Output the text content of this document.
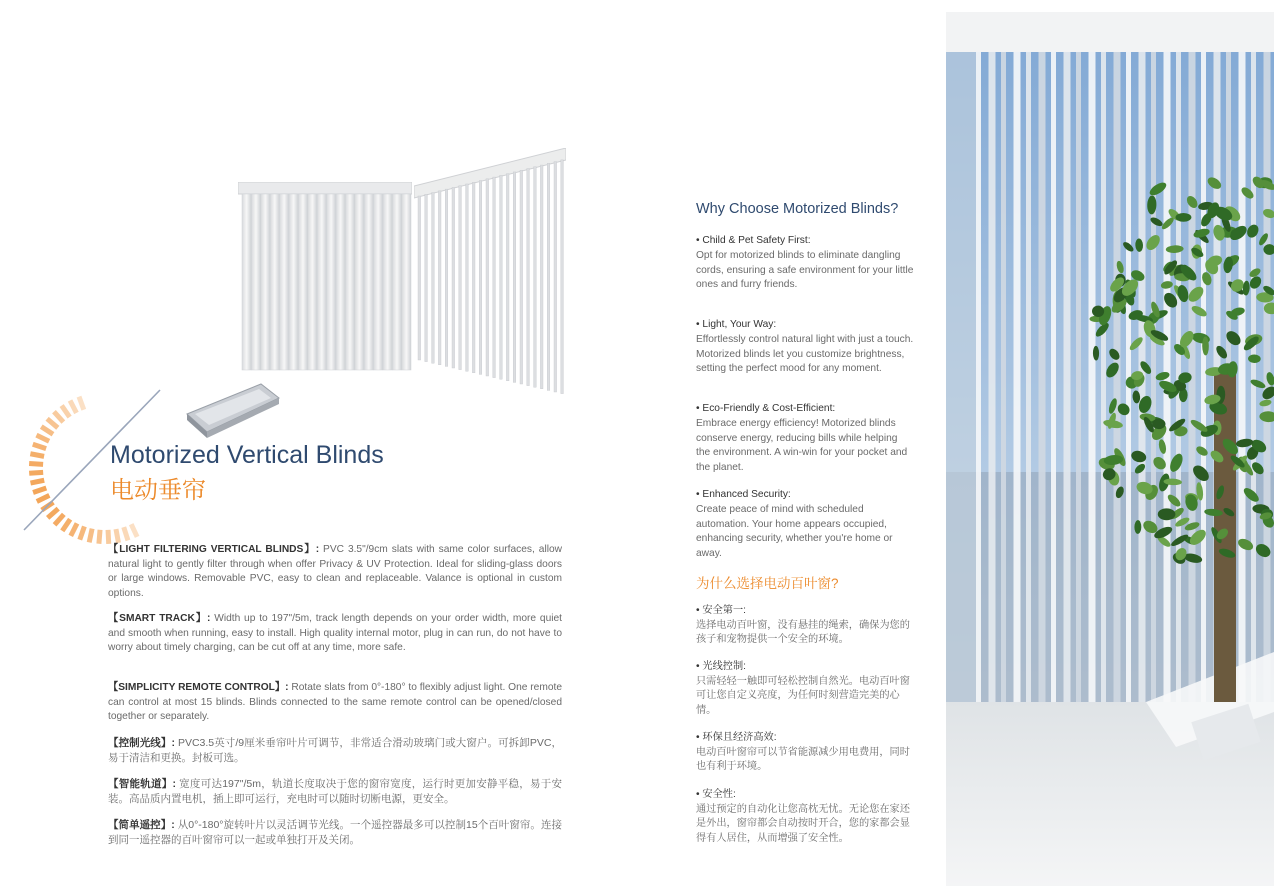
Motorized Vertical Blinds
电动垂帘

【LIGHT FILTERING VERTICAL BLINDS】: PVC 3.5"/9cm slats with same color surfaces, allow natural light to gently filter through when offer Privacy & UV Protection. Ideal for sliding-glass doors or large windows. Removable PVC, easy to clean and replaceable. Valance is optional in custom options.

【SMART TRACK】: Width up to 197"/5m, track length depends on your order width, more quiet and smooth when running, easy to install. High quality internal motor, plug in can run, do not have to worry about timely charging, can be cut off at any time, more safe.

【SIMPLICITY REMOTE CONTROL】: Rotate slats from 0°-180° to flexibly adjust light. One remote can control at most 15 blinds. Blinds connected to the same remote control can be opened/closed together or separately.

【控制光线】: PVC3.5英寸/9厘米垂帘叶片可调节，非常适合滑动玻璃门或大窗户。可拆卸PVC，易于清洁和更换。封板可选。

【智能轨道】: 宽度可达197"/5m，轨道长度取决于您的窗帘宽度，运行时更加安静平稳，易于安装。高品质内置电机，插上即可运行，充电时可以随时切断电源，更安全。

【简单遥控】: 从0°-180°旋转叶片以灵活调节光线。一个遥控器最多可以控制15个百叶窗帘。连接到同一遥控器的百叶窗帘可以一起或单独打开及关闭。

Why Choose Motorized Blinds?

• Child & Pet Safety First:
Opt for motorized blinds to eliminate dangling cords, ensuring a safe environment for your little ones and furry friends.

• Light, Your Way:
Effortlessly control natural light with just a touch. Motorized blinds let you customize brightness, setting the perfect mood for any moment.

• Eco-Friendly & Cost-Efficient:
Embrace energy efficiency! Motorized blinds conserve energy, reducing bills while helping the environment. A win-win for your pocket and the planet.

• Enhanced Security:
Create peace of mind with scheduled automation. Your home appears occupied, enhancing security, whether you're home or away.

为什么选择电动百叶窗?

• 安全第一:
选择电动百叶窗，没有悬挂的绳索，确保为您的孩子和宠物提供一个安全的环境。

• 光线控制:
只需轻轻一触即可轻松控制自然光。电动百叶窗可让您自定义亮度，为任何时刻营造完美的心情。

• 环保且经济高效:
电动百叶窗帘可以节省能源减少用电费用，同时也有利于环境。

• 安全性:
通过预定的自动化让您高枕无忧。无论您在家还是外出，窗帘都会自动按时开合，您的家都会显得有人居住，从而增强了安全性。
